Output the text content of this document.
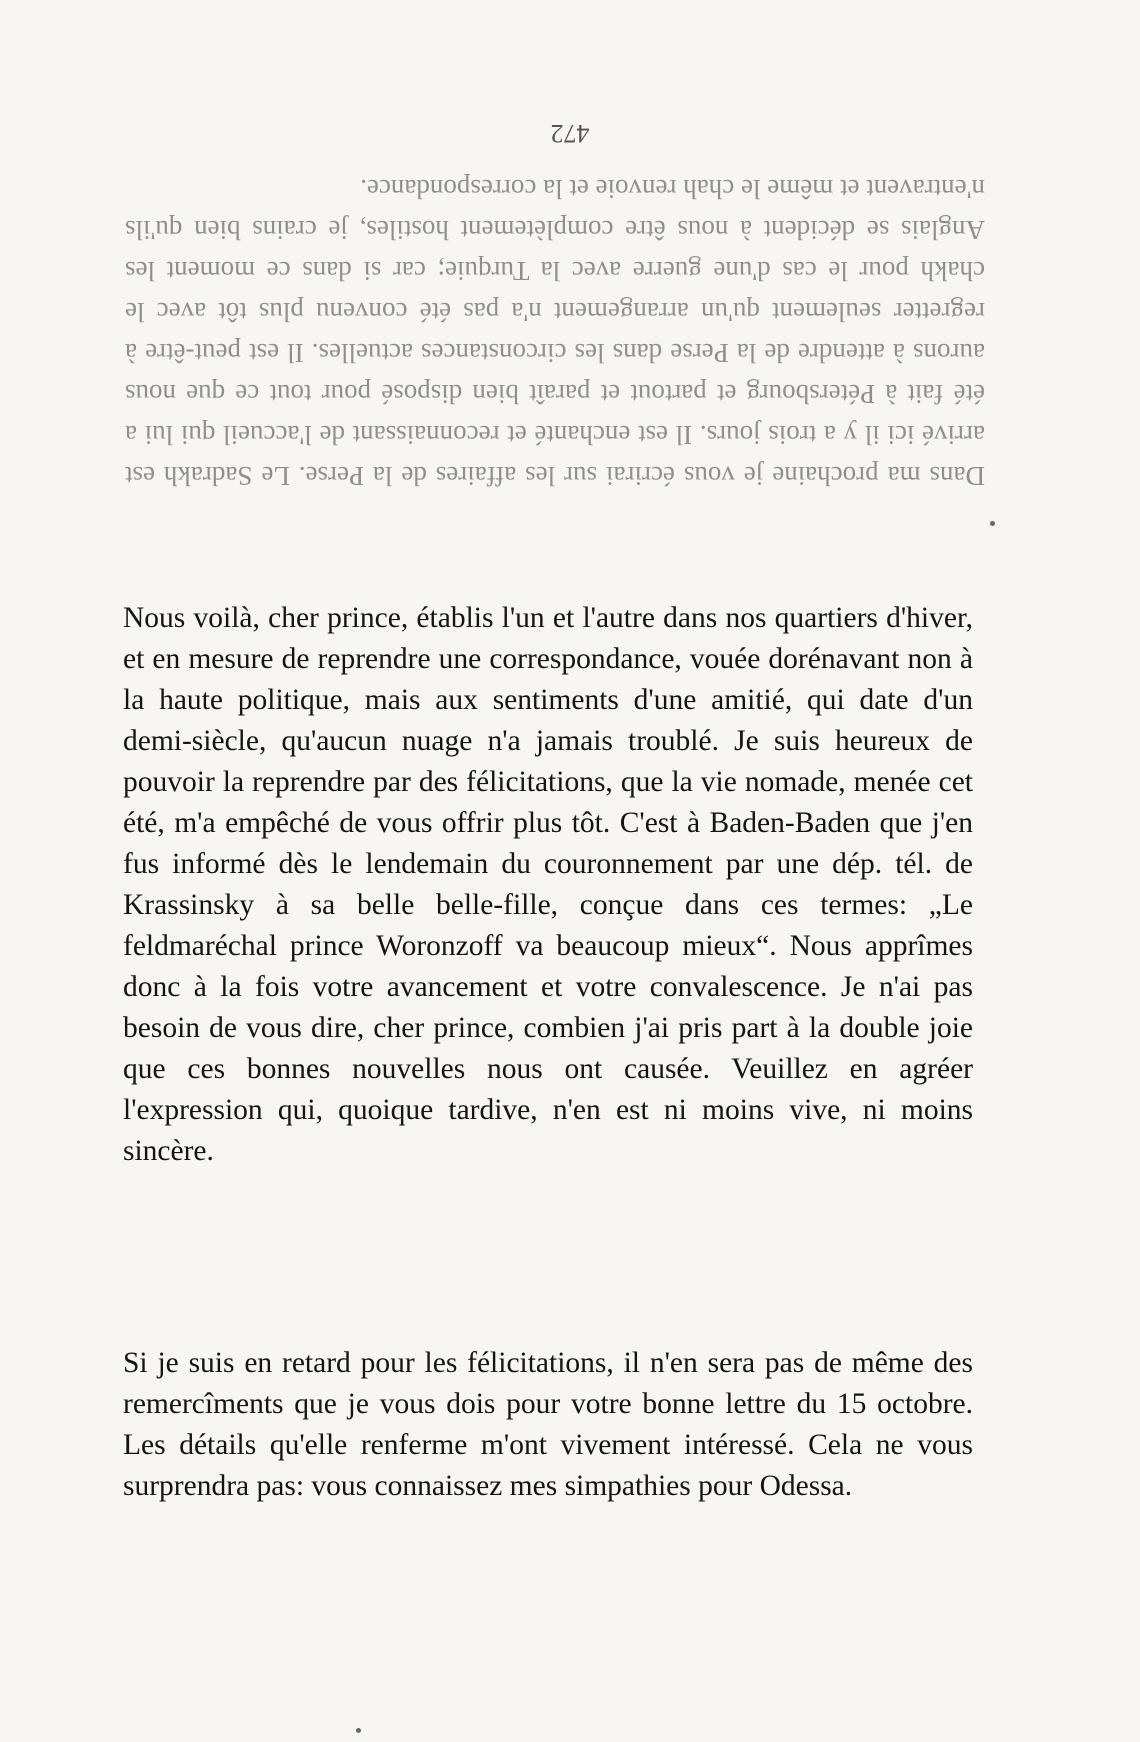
472

Dans ma prochaine je vous écrirai sur les affaires de la Perse. Le Sadrakh est arrivé ici il y a trois jours. Il est enchanté et reconnaissant de l'accueil qui lui a été fait à Pétersbourg et partout et paraît bien disposé pour tout ce que nous aurons à attendre de la Perse dans les circonstances actuelles. Il est peut-être à regretter seulement qu'un arrangement n'a pas été convenu plus tôt avec le chakh pour le cas d'une guerre avec la Turquie; car si dans ce moment les Anglais se décident à nous être complètement hostiles, je crains bien qu'ils n'entravent et même le chah renvoie et la correspondance.

Nous voilà, cher prince, établis l'un et l'autre dans nos quartiers d'hiver, et en mesure de reprendre une correspondance, vouée dorénavant non à la haute politique, mais aux sentiments d'une amitié, qui date d'un demi-siècle, qu'aucun nuage n'a jamais troublé. Je suis heureux de pouvoir la reprendre par des félicitations, que la vie nomade, menée cet été, m'a empêché de vous offrir plus tôt. C'est à Baden-Baden que j'en fus informé dès le lendemain du couronnement par une dép. tél. de Krassinsky à sa belle belle-fille, conçue dans ces termes: „Le feldmaréchal prince Woronzoff va beaucoup mieux“. Nous apprîmes donc à la fois votre avancement et votre convalescence. Je n'ai pas besoin de vous dire, cher prince, combien j'ai pris part à la double joie que ces bonnes nouvelles nous ont causée. Veuillez en agréer l'expression qui, quoique tardive, n'en est ni moins vive, ni moins sincère.

Si je suis en retard pour les félicitations, il n'en sera pas de même des remercîments que je vous dois pour votre bonne lettre du 15 octobre. Les détails qu'elle renferme m'ont vivement intéressé. Cela ne vous surprendra pas: vous connaissez mes simpathies pour Odessa.
